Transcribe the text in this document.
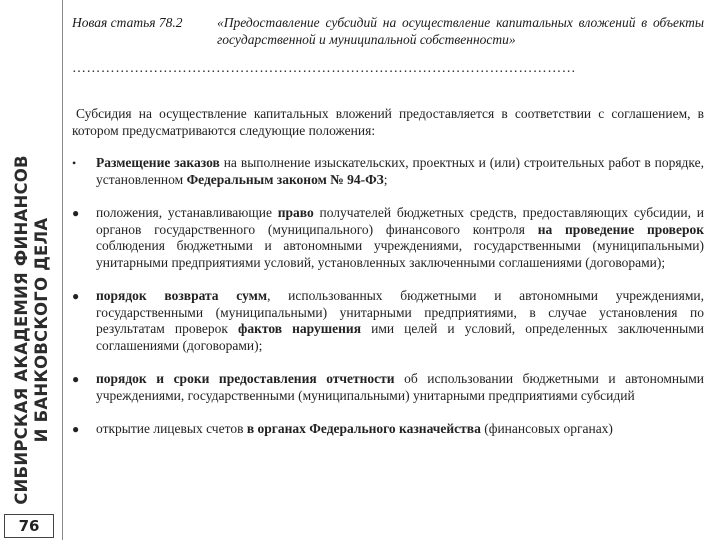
СИБИРСКАЯ АКАДЕМИЯ ФИНАНСОВ И БАНКОВСКОГО ДЕЛА
76
Новая статья 78.2	«Предоставление субсидий на осуществление капитальных вложений в объекты государственной и муниципальной собственности»
……………………………………………………………………………………………
Субсидия на осуществление капитальных вложений предоставляется в соответствии с соглашением, в котором предусматриваются следующие положения:
• Размещение заказов на выполнение изыскательских, проектных и (или) строительных работ в порядке, установленном Федеральным законом № 94-ФЗ;
● положения, устанавливающие право получателей бюджетных средств, предоставляющих субсидии, и органов государственного (муниципального) финансового контроля на проведение проверок соблюдения бюджетными и автономными учреждениями, государственными (муниципальными) унитарными предприятиями условий, установленных заключенными соглашениями (договорами);
● порядок возврата сумм, использованных бюджетными и автономными учреждениями, государственными (муниципальными) унитарными предприятиями, в случае установления по результатам проверок фактов нарушения ими целей и условий, определенных заключенными соглашениями (договорами);
● порядок и сроки предоставления отчетности об использовании бюджетными и автономными учреждениями, государственными (муниципальными) унитарными предприятиями субсидий
● открытие лицевых счетов в органах Федерального казначейства (финансовых органах)
